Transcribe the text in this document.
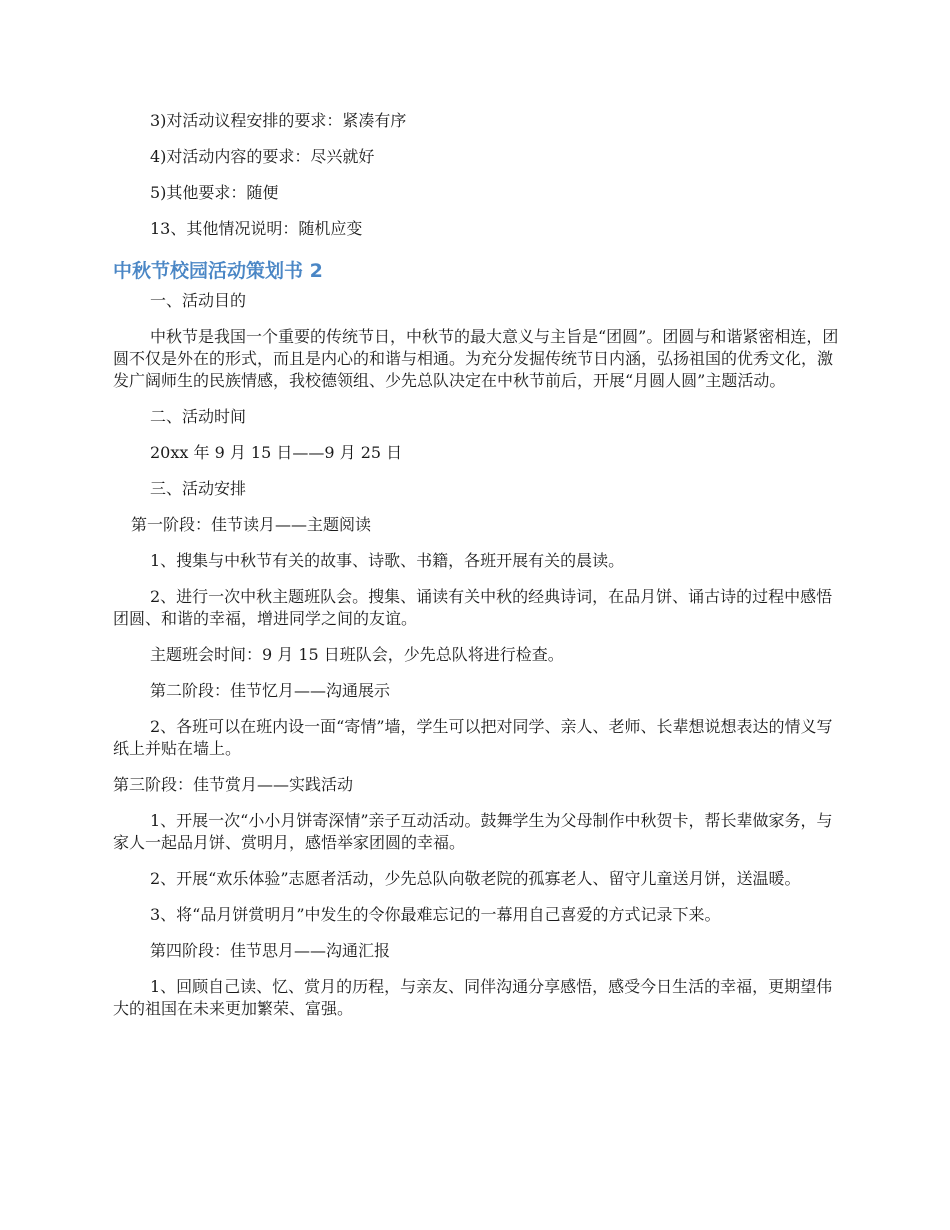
3)对活动议程安排的要求：紧凑有序

4)对活动内容的要求：尽兴就好

5)其他要求：随便

13、其他情况说明：随机应变

中秋节校园活动策划书 2

一、活动目的

中秋节是我国一个重要的传统节日，中秋节的最大意义与主旨是“团圆”。团圆与和谐紧密相连，团圆不仅是外在的形式，而且是内心的和谐与相通。为充分发掘传统节日内涵，弘扬祖国的优秀文化，激发广阔师生的民族情感，我校德领组、少先总队决定在中秋节前后，开展“月圆人圆”主题活动。

二、活动时间

20xx 年 9 月 15 日——9 月 25 日

三、活动安排

第一阶段：佳节读月——主题阅读

1、搜集与中秋节有关的故事、诗歌、书籍，各班开展有关的晨读。

2、进行一次中秋主题班队会。搜集、诵读有关中秋的经典诗词，在品月饼、诵古诗的过程中感悟团圆、和谐的幸福，增进同学之间的友谊。

主题班会时间：9 月 15 日班队会，少先总队将进行检查。

第二阶段：佳节忆月——沟通展示

2、各班可以在班内设一面“寄情”墙，学生可以把对同学、亲人、老师、长辈想说想表达的情义写纸上并贴在墙上。

第三阶段：佳节赏月——实践活动

1、开展一次“小小月饼寄深情”亲子互动活动。鼓舞学生为父母制作中秋贺卡，帮长辈做家务，与家人一起品月饼、赏明月，感悟举家团圆的幸福。

2、开展“欢乐体验”志愿者活动，少先总队向敬老院的孤寡老人、留守儿童送月饼，送温暖。

3、将“品月饼赏明月”中发生的令你最难忘记的一幕用自己喜爱的方式记录下来。

第四阶段：佳节思月——沟通汇报

1、回顾自己读、忆、赏月的历程，与亲友、同伴沟通分享感悟，感受今日生活的幸福，更期望伟大的祖国在未来更加繁荣、富强。
